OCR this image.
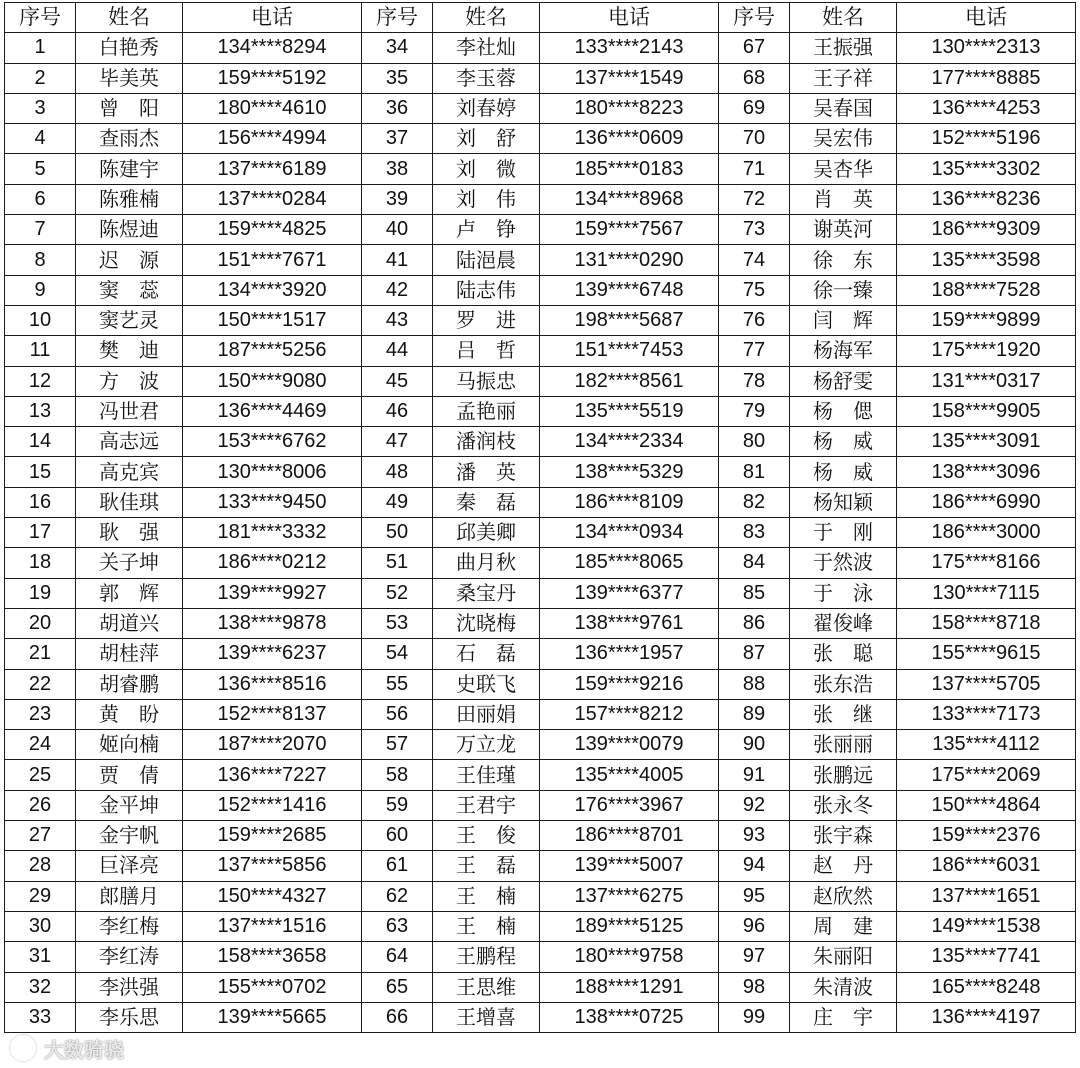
序号	姓名	电话	序号	姓名	电话	序号	姓名	电话
1	白艳秀	134****8294	34	李社灿	133****2143	67	王振强	130****2313
2	毕美英	159****5192	35	李玉蓉	137****1549	68	王子祥	177****8885
3	曾　阳	180****4610	36	刘春婷	180****8223	69	吴春国	136****4253
4	查雨杰	156****4994	37	刘　舒	136****0609	70	吴宏伟	152****5196
5	陈建宇	137****6189	38	刘　微	185****0183	71	吴杏华	135****3302
6	陈雅楠	137****0284	39	刘　伟	134****8968	72	肖　英	136****8236
7	陈煜迪	159****4825	40	卢　铮	159****7567	73	谢英河	186****9309
8	迟　源	151****7671	41	陆浥晨	131****0290	74	徐　东	135****3598
9	窦　蕊	134****3920	42	陆志伟	139****6748	75	徐一臻	188****7528
10	窦艺灵	150****1517	43	罗　进	198****5687	76	闫　辉	159****9899
11	樊　迪	187****5256	44	吕　哲	151****7453	77	杨海军	175****1920
12	方　波	150****9080	45	马振忠	182****8561	78	杨舒雯	131****0317
13	冯世君	136****4469	46	孟艳丽	135****5519	79	杨　偲	158****9905
14	高志远	153****6762	47	潘润枝	134****2334	80	杨　威	135****3091
15	高克宾	130****8006	48	潘　英	138****5329	81	杨　威	138****3096
16	耿佳琪	133****9450	49	秦　磊	186****8109	82	杨知颖	186****6990
17	耿　强	181****3332	50	邱美卿	134****0934	83	于　刚	186****3000
18	关子坤	186****0212	51	曲月秋	185****8065	84	于然波	175****8166
19	郭　辉	139****9927	52	桑宝丹	139****6377	85	于　泳	130****7115
20	胡道兴	138****9878	53	沈晓梅	138****9761	86	翟俊峰	158****8718
21	胡桂萍	139****6237	54	石　磊	136****1957	87	张　聪	155****9615
22	胡睿鹏	136****8516	55	史联飞	159****9216	88	张东浩	137****5705
23	黄　盼	152****8137	56	田丽娟	157****8212	89	张　继	133****7173
24	姬向楠	187****2070	57	万立龙	139****0079	90	张丽丽	135****4112
25	贾　倩	136****7227	58	王佳瑾	135****4005	91	张鹏远	175****2069
26	金平坤	152****1416	59	王君宇	176****3967	92	张永冬	150****4864
27	金宇帆	159****2685	60	王　俊	186****8701	93	张宇森	159****2376
28	巨泽亮	137****5856	61	王　磊	139****5007	94	赵　丹	186****6031
29	郎膳月	150****4327	62	王　楠	137****6275	95	赵欣然	137****1651
30	李红梅	137****1516	63	王　楠	189****5125	96	周　建	149****1538
31	李红涛	158****3658	64	王鹏程	180****9758	97	朱丽阳	135****7741
32	李洪强	155****0702	65	王思维	188****1291	98	朱清波	165****8248
33	李乐思	139****5665	66	王增喜	138****0725	99	庄　宇	136****4197
大数骑骁
